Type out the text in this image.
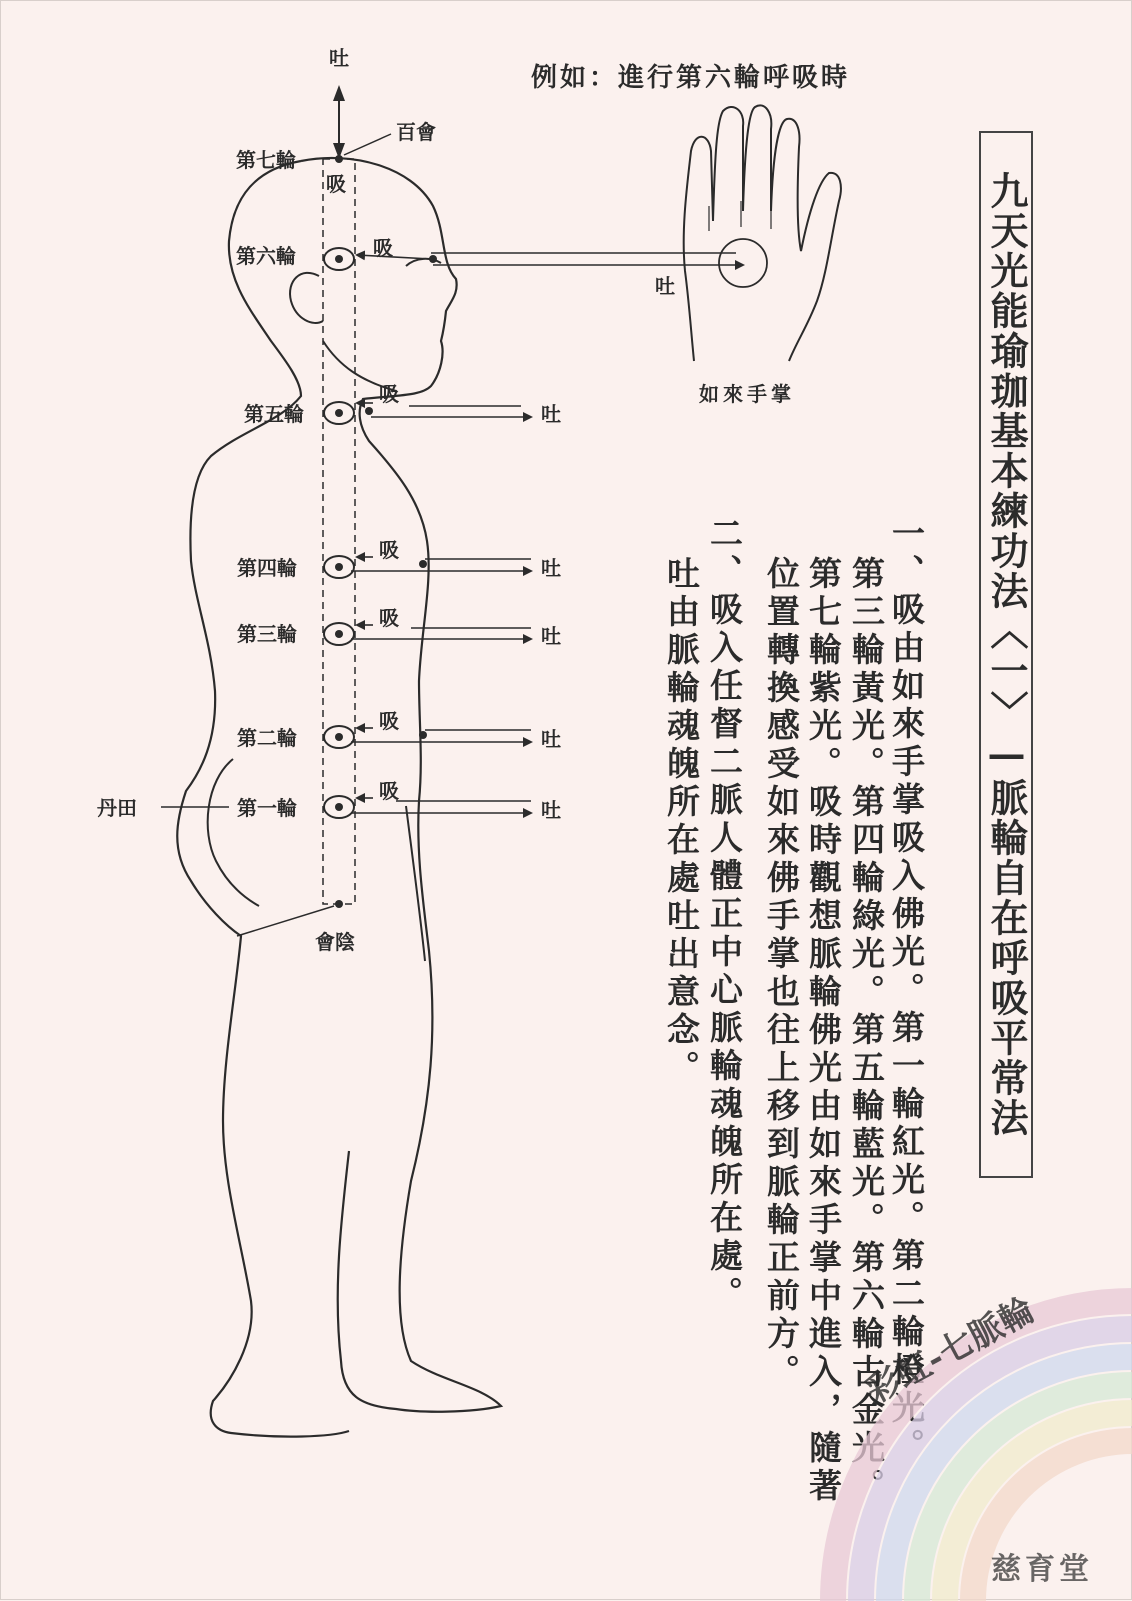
吐
百會
第七輪
吸
第六輪	吸
吐
第五輪
吸
吐
第四輪
吸
吐
第三輪
吸
吐
第二輪
吸
吐
第一輪
吸
吐
丹田
會陰
如來手掌
例如：進行第六輪呼吸時
九天光能瑜珈基本練功法〈一〉—脈輪自在呼吸平常法
一、吸由如來手掌吸入佛光。第一輪紅光。第二輪橙光。
第三輪黃光。第四輪綠光。第五輪藍光。第六輪古金光。
第七輪紫光。吸時觀想脈輪佛光由如來手掌中進入，隨著
位置轉換感受如來佛手掌也往上移到脈輪正前方。
二、吸入任督二脈人體正中心脈輪魂魄所在處。
吐由脈輪魂魄所在處吐出意念。
彩虹-七脈輪
慈育堂
